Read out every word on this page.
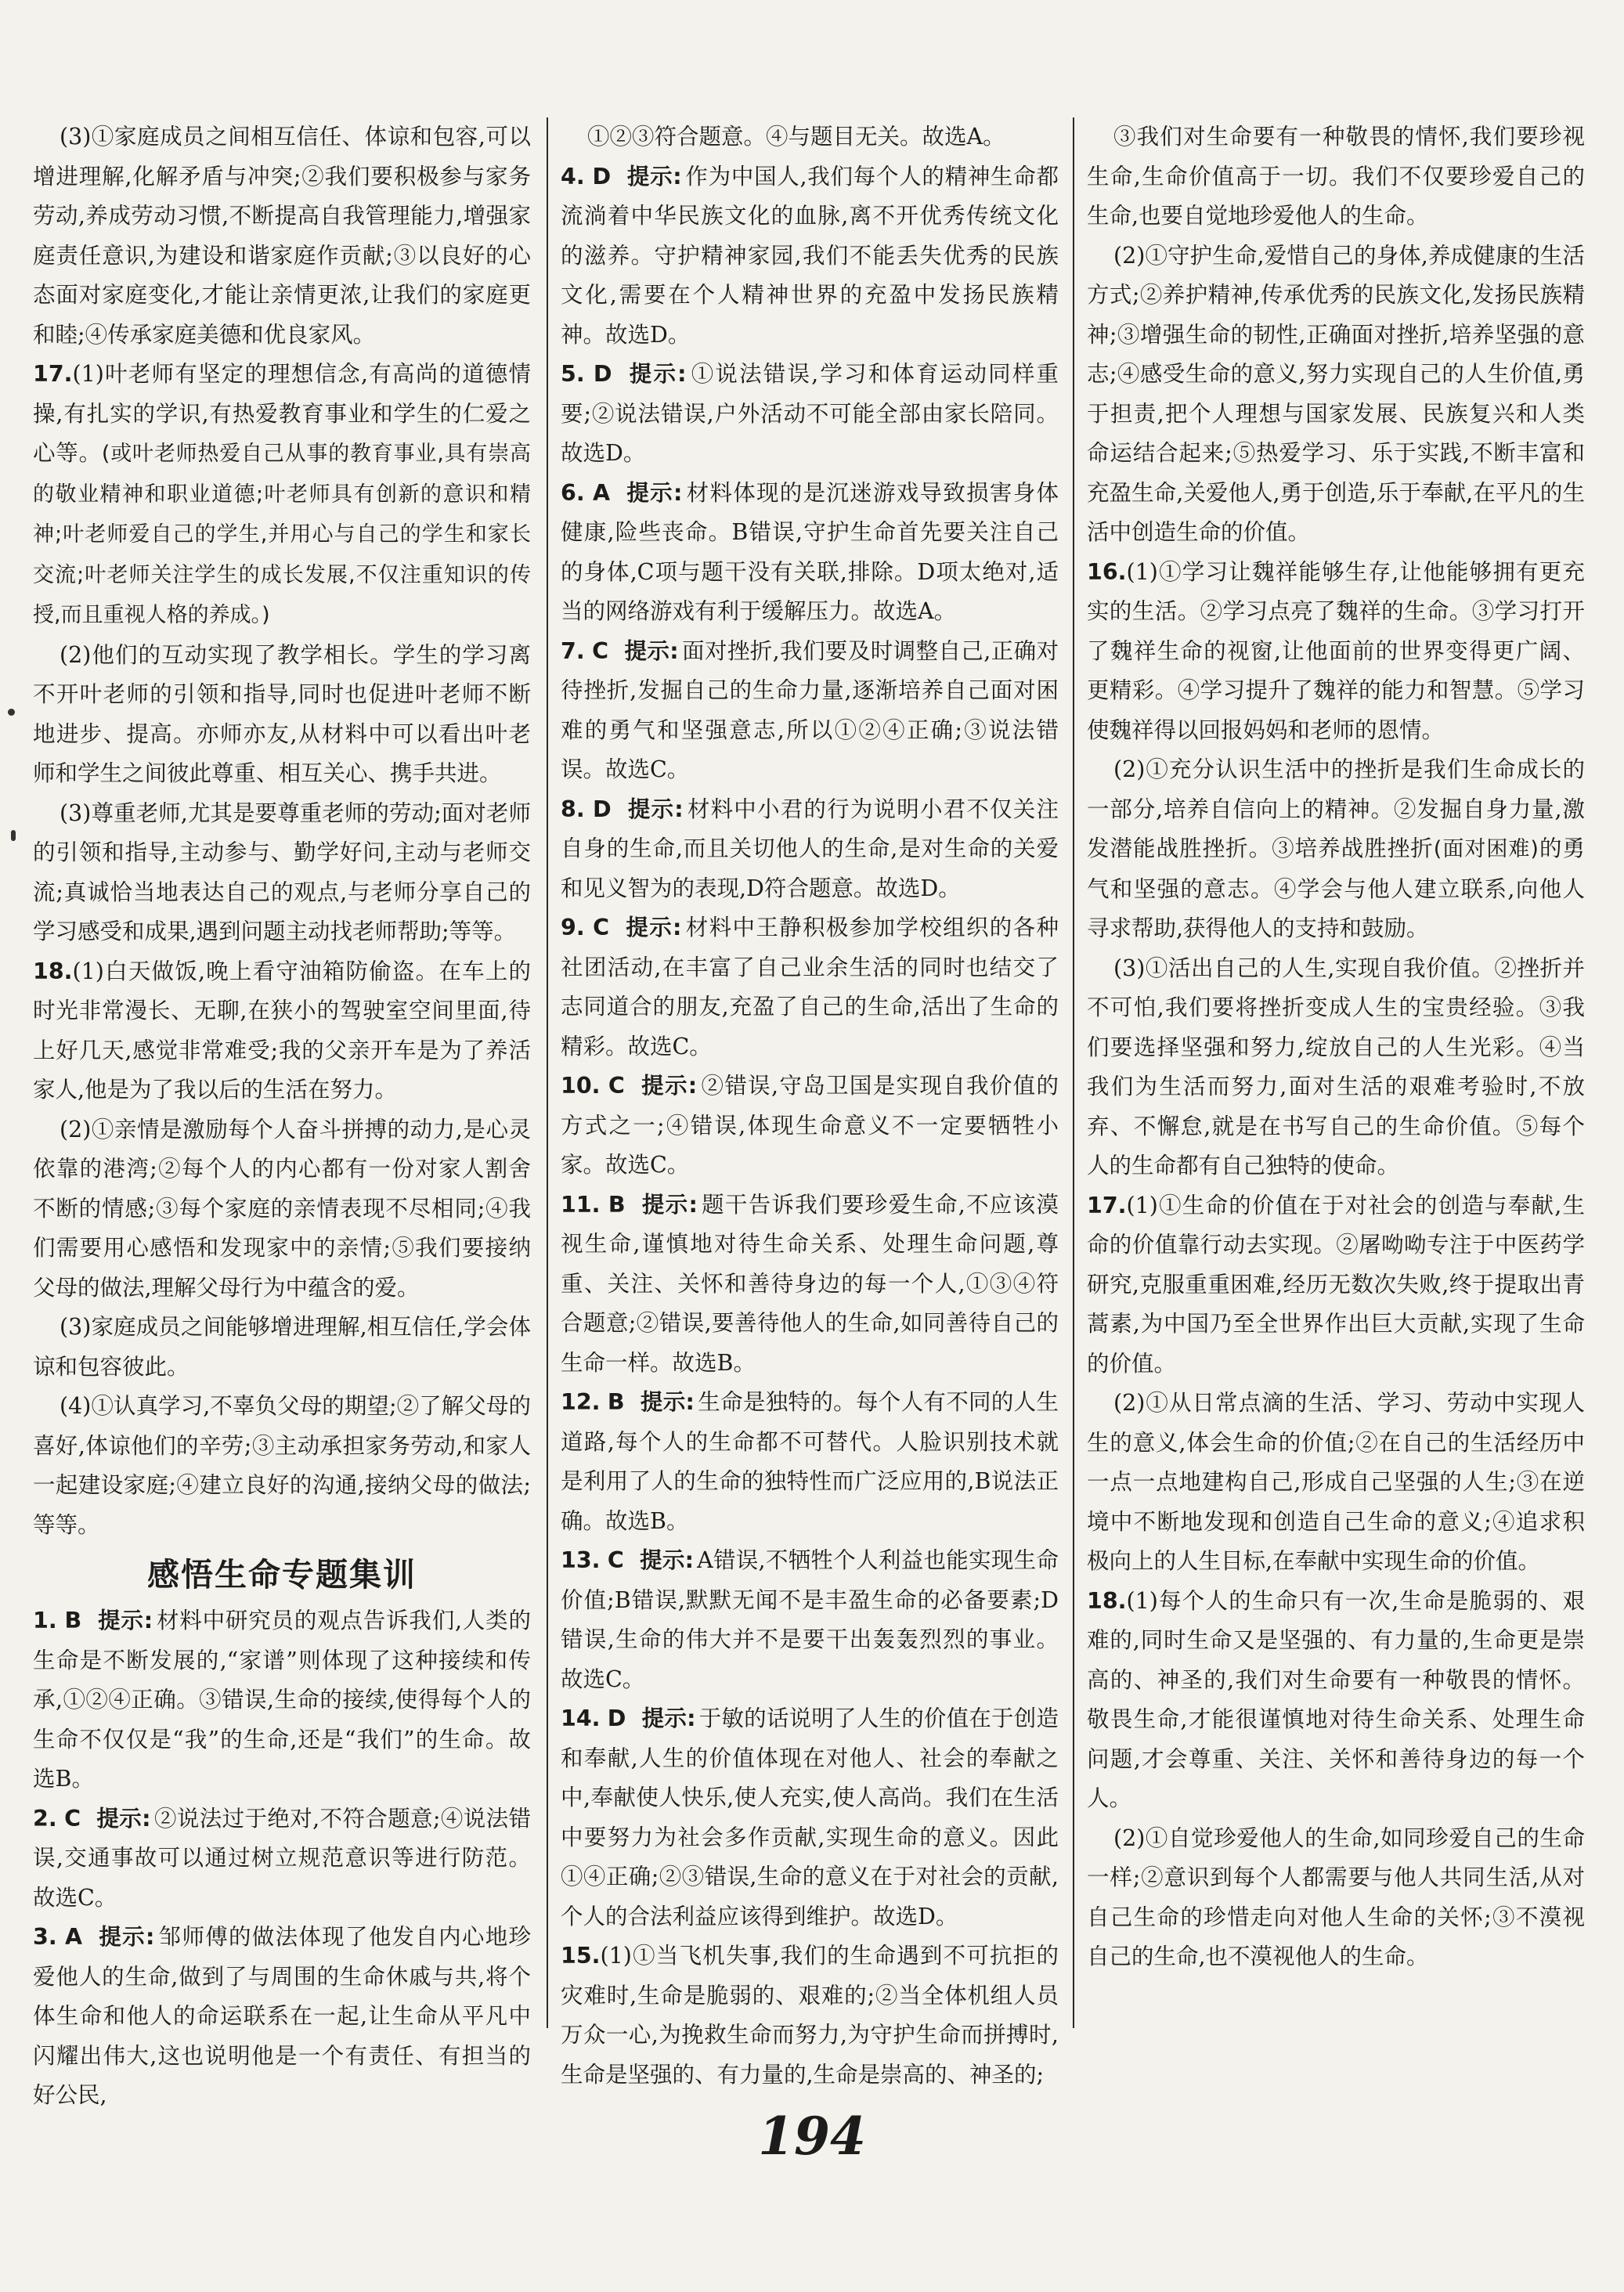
(3)①家庭成员之间相互信任、体谅和包容,可以增进理解,化解矛盾与冲突;②我们要积极参与家务劳动,养成劳动习惯,不断提高自我管理能力,增强家庭责任意识,为建设和谐家庭作贡献;③以良好的心态面对家庭变化,才能让亲情更浓,让我们的家庭更和睦;④传承家庭美德和优良家风。

17.(1)叶老师有坚定的理想信念,有高尚的道德情操,有扎实的学识,有热爱教育事业和学生的仁爱之心等。(或叶老师热爱自己从事的教育事业,具有崇高的敬业精神和职业道德;叶老师具有创新的意识和精神;叶老师爱自己的学生,并用心与自己的学生和家长交流;叶老师关注学生的成长发展,不仅注重知识的传授,而且重视人格的养成。)

(2)他们的互动实现了教学相长。学生的学习离不开叶老师的引领和指导,同时也促进叶老师不断地进步、提高。亦师亦友,从材料中可以看出叶老师和学生之间彼此尊重、相互关心、携手共进。

(3)尊重老师,尤其是要尊重老师的劳动;面对老师的引领和指导,主动参与、勤学好问,主动与老师交流;真诚恰当地表达自己的观点,与老师分享自己的学习感受和成果,遇到问题主动找老师帮助;等等。

18.(1)白天做饭,晚上看守油箱防偷盗。在车上的时光非常漫长、无聊,在狭小的驾驶室空间里面,待上好几天,感觉非常难受;我的父亲开车是为了养活家人,他是为了我以后的生活在努力。

(2)①亲情是激励每个人奋斗拼搏的动力,是心灵依靠的港湾;②每个人的内心都有一份对家人割舍不断的情感;③每个家庭的亲情表现不尽相同;④我们需要用心感悟和发现家中的亲情;⑤我们要接纳父母的做法,理解父母行为中蕴含的爱。

(3)家庭成员之间能够增进理解,相互信任,学会体谅和包容彼此。

(4)①认真学习,不辜负父母的期望;②了解父母的喜好,体谅他们的辛劳;③主动承担家务劳动,和家人一起建设家庭;④建立良好的沟通,接纳父母的做法;等等。

感悟生命专题集训

1. B 提示: 材料中研究员的观点告诉我们,人类的生命是不断发展的,“家谱”则体现了这种接续和传承,①②④正确。③错误,生命的接续,使得每个人的生命不仅仅是“我”的生命,还是“我们”的生命。故选B。

2. C 提示: ②说法过于绝对,不符合题意;④说法错误,交通事故可以通过树立规范意识等进行防范。故选C。

3. A 提示: 邹师傅的做法体现了他发自内心地珍爱他人的生命,做到了与周围的生命休戚与共,将个体生命和他人的命运联系在一起,让生命从平凡中闪耀出伟大,这也说明他是一个有责任、有担当的好公民,

①②③符合题意。④与题目无关。故选A。

4. D 提示: 作为中国人,我们每个人的精神生命都流淌着中华民族文化的血脉,离不开优秀传统文化的滋养。守护精神家园,我们不能丢失优秀的民族文化,需要在个人精神世界的充盈中发扬民族精神。故选D。

5. D 提示: ①说法错误,学习和体育运动同样重要;②说法错误,户外活动不可能全部由家长陪同。故选D。

6. A 提示: 材料体现的是沉迷游戏导致损害身体健康,险些丧命。B错误,守护生命首先要关注自己的身体,C项与题干没有关联,排除。D项太绝对,适当的网络游戏有利于缓解压力。故选A。

7. C 提示: 面对挫折,我们要及时调整自己,正确对待挫折,发掘自己的生命力量,逐渐培养自己面对困难的勇气和坚强意志,所以①②④正确;③说法错误。故选C。

8. D 提示: 材料中小君的行为说明小君不仅关注自身的生命,而且关切他人的生命,是对生命的关爱和见义智为的表现,D符合题意。故选D。

9. C 提示: 材料中王静积极参加学校组织的各种社团活动,在丰富了自己业余生活的同时也结交了志同道合的朋友,充盈了自己的生命,活出了生命的精彩。故选C。

10. C 提示: ②错误,守岛卫国是实现自我价值的方式之一;④错误,体现生命意义不一定要牺牲小家。故选C。

11. B 提示: 题干告诉我们要珍爱生命,不应该漠视生命,谨慎地对待生命关系、处理生命问题,尊重、关注、关怀和善待身边的每一个人,①③④符合题意;②错误,要善待他人的生命,如同善待自己的生命一样。故选B。

12. B 提示: 生命是独特的。每个人有不同的人生道路,每个人的生命都不可替代。人脸识别技术就是利用了人的生命的独特性而广泛应用的,B说法正确。故选B。

13. C 提示: A错误,不牺牲个人利益也能实现生命价值;B错误,默默无闻不是丰盈生命的必备要素;D错误,生命的伟大并不是要干出轰轰烈烈的事业。故选C。

14. D 提示: 于敏的话说明了人生的价值在于创造和奉献,人生的价值体现在对他人、社会的奉献之中,奉献使人快乐,使人充实,使人高尚。我们在生活中要努力为社会多作贡献,实现生命的意义。因此①④正确;②③错误,生命的意义在于对社会的贡献,个人的合法利益应该得到维护。故选D。

15.(1)①当飞机失事,我们的生命遇到不可抗拒的灾难时,生命是脆弱的、艰难的;②当全体机组人员万众一心,为挽救生命而努力,为守护生命而拼搏时,生命是坚强的、有力量的,生命是崇高的、神圣的;

③我们对生命要有一种敬畏的情怀,我们要珍视生命,生命价值高于一切。我们不仅要珍爱自己的生命,也要自觉地珍爱他人的生命。

(2)①守护生命,爱惜自己的身体,养成健康的生活方式;②养护精神,传承优秀的民族文化,发扬民族精神;③增强生命的韧性,正确面对挫折,培养坚强的意志;④感受生命的意义,努力实现自己的人生价值,勇于担责,把个人理想与国家发展、民族复兴和人类命运结合起来;⑤热爱学习、乐于实践,不断丰富和充盈生命,关爱他人,勇于创造,乐于奉献,在平凡的生活中创造生命的价值。

16.(1)①学习让魏祥能够生存,让他能够拥有更充实的生活。②学习点亮了魏祥的生命。③学习打开了魏祥生命的视窗,让他面前的世界变得更广阔、更精彩。④学习提升了魏祥的能力和智慧。⑤学习使魏祥得以回报妈妈和老师的恩情。

(2)①充分认识生活中的挫折是我们生命成长的一部分,培养自信向上的精神。②发掘自身力量,激发潜能战胜挫折。③培养战胜挫折(面对困难)的勇气和坚强的意志。④学会与他人建立联系,向他人寻求帮助,获得他人的支持和鼓励。

(3)①活出自己的人生,实现自我价值。②挫折并不可怕,我们要将挫折变成人生的宝贵经验。③我们要选择坚强和努力,绽放自己的人生光彩。④当我们为生活而努力,面对生活的艰难考验时,不放弃、不懈怠,就是在书写自己的生命价值。⑤每个人的生命都有自己独特的使命。

17.(1)①生命的价值在于对社会的创造与奉献,生命的价值靠行动去实现。②屠呦呦专注于中医药学研究,克服重重困难,经历无数次失败,终于提取出青蒿素,为中国乃至全世界作出巨大贡献,实现了生命的价值。

(2)①从日常点滴的生活、学习、劳动中实现人生的意义,体会生命的价值;②在自己的生活经历中一点一点地建构自己,形成自己坚强的人生;③在逆境中不断地发现和创造自己生命的意义;④追求积极向上的人生目标,在奉献中实现生命的价值。

18.(1)每个人的生命只有一次,生命是脆弱的、艰难的,同时生命又是坚强的、有力量的,生命更是崇高的、神圣的,我们对生命要有一种敬畏的情怀。敬畏生命,才能很谨慎地对待生命关系、处理生命问题,才会尊重、关注、关怀和善待身边的每一个人。

(2)①自觉珍爱他人的生命,如同珍爱自己的生命一样;②意识到每个人都需要与他人共同生活,从对自己生命的珍惜走向对他人生命的关怀;③不漠视自己的生命,也不漠视他人的生命。

194
